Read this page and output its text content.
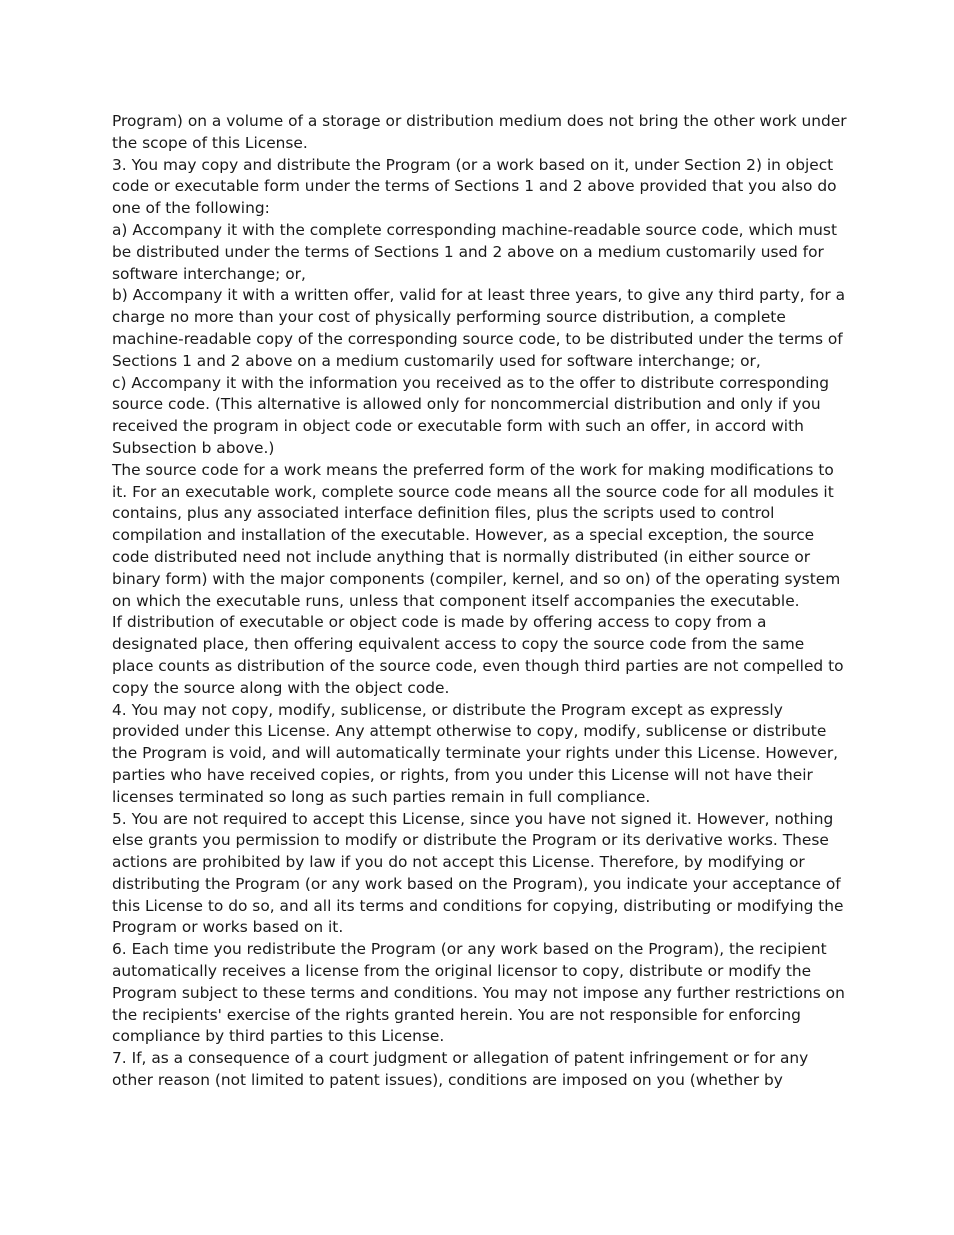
Program) on a volume of a storage or distribution medium does not bring the other work under the scope of this License.

3. You may copy and distribute the Program (or a work based on it, under Section 2) in object code or executable form under the terms of Sections 1 and 2 above provided that you also do one of the following:

a) Accompany it with the complete corresponding machine-readable source code, which must be distributed under the terms of Sections 1 and 2 above on a medium customarily used for software interchange; or,

b) Accompany it with a written offer, valid for at least three years, to give any third party, for a charge no more than your cost of physically performing source distribution, a complete machine-readable copy of the corresponding source code, to be distributed under the terms of Sections 1 and 2 above on a medium customarily used for software interchange; or,

c) Accompany it with the information you received as to the offer to distribute corresponding source code. (This alternative is allowed only for noncommercial distribution and only if you received the program in object code or executable form with such an offer, in accord with Subsection b above.)

The source code for a work means the preferred form of the work for making modifications to it. For an executable work, complete source code means all the source code for all modules it contains, plus any associated interface definition files, plus the scripts used to control compilation and installation of the executable. However, as a special exception, the source code distributed need not include anything that is normally distributed (in either source or binary form) with the major components (compiler, kernel, and so on) of the operating system on which the executable runs, unless that component itself accompanies the executable.

If distribution of executable or object code is made by offering access to copy from a designated place, then offering equivalent access to copy the source code from the same place counts as distribution of the source code, even though third parties are not compelled to copy the source along with the object code.

4. You may not copy, modify, sublicense, or distribute the Program except as expressly provided under this License. Any attempt otherwise to copy, modify, sublicense or distribute the Program is void, and will automatically terminate your rights under this License. However, parties who have received copies, or rights, from you under this License will not have their licenses terminated so long as such parties remain in full compliance.

5. You are not required to accept this License, since you have not signed it. However, nothing else grants you permission to modify or distribute the Program or its derivative works. These actions are prohibited by law if you do not accept this License. Therefore, by modifying or distributing the Program (or any work based on the Program), you indicate your acceptance of this License to do so, and all its terms and conditions for copying, distributing or modifying the Program or works based on it.

6. Each time you redistribute the Program (or any work based on the Program), the recipient automatically receives a license from the original licensor to copy, distribute or modify the Program subject to these terms and conditions. You may not impose any further restrictions on the recipients' exercise of the rights granted herein. You are not responsible for enforcing compliance by third parties to this License.

7. If, as a consequence of a court judgment or allegation of patent infringement or for any other reason (not limited to patent issues), conditions are imposed on you (whether by
